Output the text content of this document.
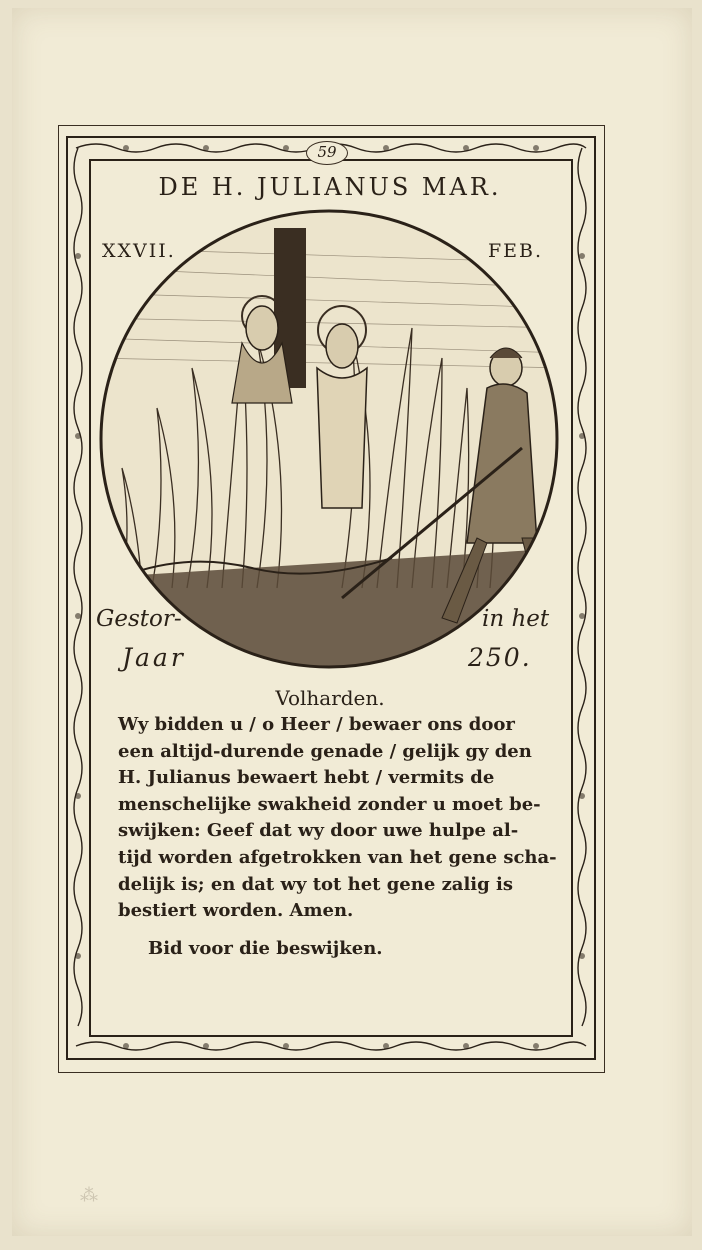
⁂
59
DE H. JULIANUS MAR.
XXVII.	FEB.
Gestor-	in het
Jaar	250.
Volharden.
Wy bidden u / o Heer / bewaer ons door
een altijd-durende genade / gelijk gy den
H. Julianus bewaert hebt / vermits de
menschelijke swakheid zonder u moet be-
swijken: Geef dat wy door uwe hulpe al-
tijd worden afgetrokken van het gene scha-
delijk is; en dat wy tot het gene zalig is
bestiert worden. Amen.
Bid voor die beswijken.
